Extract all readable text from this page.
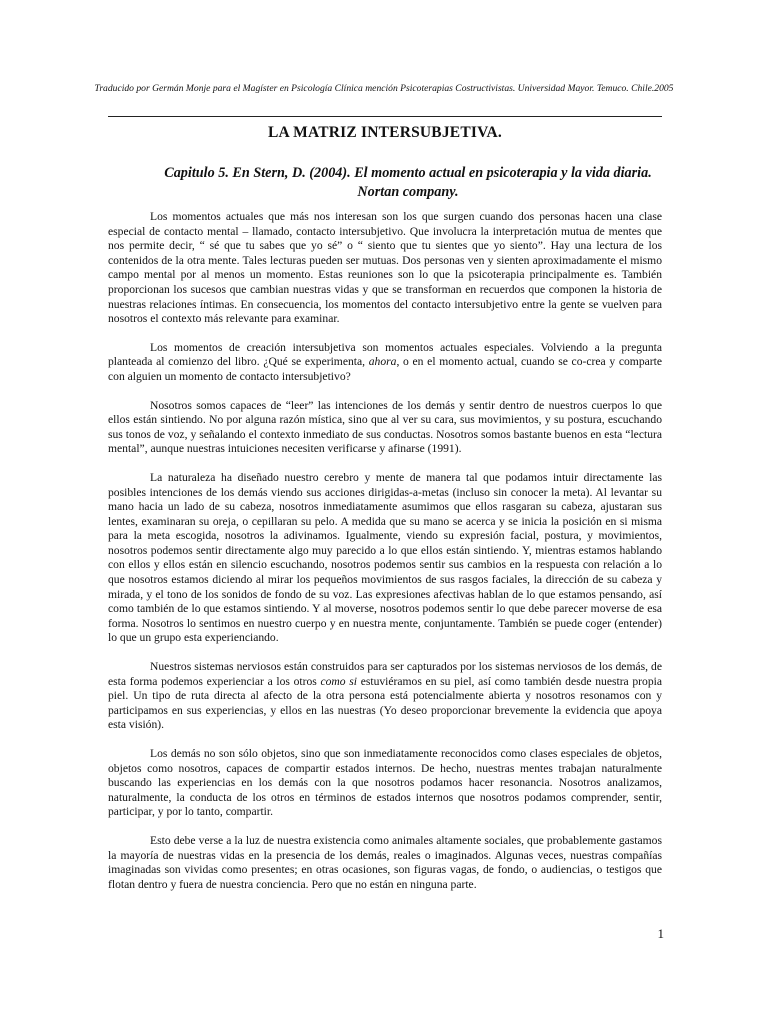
Traducido por Germán Monje para el Magíster en Psicología Clínica mención Psicoterapias Costructivistas. Universidad Mayor. Temuco. Chile.2005
LA MATRIZ INTERSUBJETIVA.
Capitulo 5. En Stern, D. (2004). El momento actual en psicoterapia y la vida diaria. Nortan company.

Los momentos actuales que más nos interesan son los que surgen cuando dos personas hacen una clase especial de contacto mental – llamado, contacto intersubjetivo. Que involucra la interpretación mutua de mentes que nos permite decir, “ sé que tu sabes que yo sé” o “ siento que tu sientes que yo siento”. Hay una lectura de los contenidos de la otra mente. Tales lecturas pueden ser mutuas. Dos personas ven y sienten aproximadamente el mismo campo mental por al menos un momento. Estas reuniones son lo que la psicoterapia principalmente es. También proporcionan los sucesos que cambian nuestras vidas y que se transforman en recuerdos que componen la historia de nuestras relaciones íntimas. En consecuencia, los momentos del contacto intersubjetivo entre la gente se vuelven para nosotros el contexto más relevante para examinar.

Los momentos de creación intersubjetiva son momentos actuales especiales. Volviendo a la pregunta planteada al comienzo del libro. ¿Qué se experimenta, ahora, o en el momento actual, cuando se co-crea y comparte con alguien un momento de contacto intersubjetivo?

Nosotros somos capaces de “leer” las intenciones de los demás y sentir dentro de nuestros cuerpos lo que ellos están sintiendo. No por alguna razón mística, sino que al ver su cara, sus movimientos, y su postura, escuchando sus tonos de voz, y señalando el contexto inmediato de sus conductas. Nosotros somos bastante buenos en esta “lectura mental”, aunque nuestras intuiciones necesiten verificarse y afinarse (1991).

La naturaleza ha diseñado nuestro cerebro y mente de manera tal que podamos intuir directamente las posibles intenciones de los demás viendo sus acciones dirigidas-a-metas (incluso sin conocer la meta). Al levantar su mano hacia un lado de su cabeza, nosotros inmediatamente asumimos que ellos rasgaran su cabeza, ajustaran sus lentes, examinaran su oreja, o cepillaran su pelo. A medida que su mano se acerca y se inicia la posición en si misma para la meta escogida, nosotros la adivinamos. Igualmente, viendo su expresión facial, postura, y movimientos, nosotros podemos sentir directamente algo muy parecido a lo que ellos están sintiendo. Y, mientras estamos hablando con ellos y ellos están en silencio escuchando, nosotros podemos sentir sus cambios en la respuesta con relación a lo que nosotros estamos diciendo al mirar los pequeños movimientos de sus rasgos faciales, la dirección de su cabeza y mirada, y el tono de los sonidos de fondo de su voz. Las expresiones afectivas hablan de lo que estamos pensando, así como también de lo que estamos sintiendo. Y al moverse, nosotros podemos sentir lo que debe parecer moverse de esa forma. Nosotros lo sentimos en nuestro cuerpo y en nuestra mente, conjuntamente. También se puede coger (entender) lo que un grupo esta experienciando.

Nuestros sistemas nerviosos están construidos para ser capturados por los sistemas nerviosos de los demás, de esta forma podemos experienciar a los otros como si estuviéramos en su piel, así como también desde nuestra propia piel. Un tipo de ruta directa al afecto de la otra persona está potencialmente abierta y nosotros resonamos con y participamos en sus experiencias, y ellos en las nuestras (Yo deseo proporcionar brevemente la evidencia que apoya esta visión).

Los demás no son sólo objetos, sino que son inmediatamente reconocidos como clases especiales de objetos, objetos como nosotros, capaces de compartir estados internos. De hecho, nuestras mentes trabajan naturalmente buscando las experiencias en los demás con la que nosotros podamos hacer resonancia. Nosotros analizamos, naturalmente, la conducta de los otros en términos de estados internos que nosotros podamos comprender, sentir, participar, y por lo tanto, compartir.

Esto debe verse a la luz de nuestra existencia como animales altamente sociales, que probablemente gastamos la mayoría de nuestras vidas en la presencia de los demás, reales o imaginados. Algunas veces, nuestras compañías imaginadas son vividas como presentes; en otras ocasiones, son figuras vagas, de fondo, o audiencias, o testigos que flotan dentro y fuera de nuestra conciencia. Pero que no están en ninguna parte.

1
